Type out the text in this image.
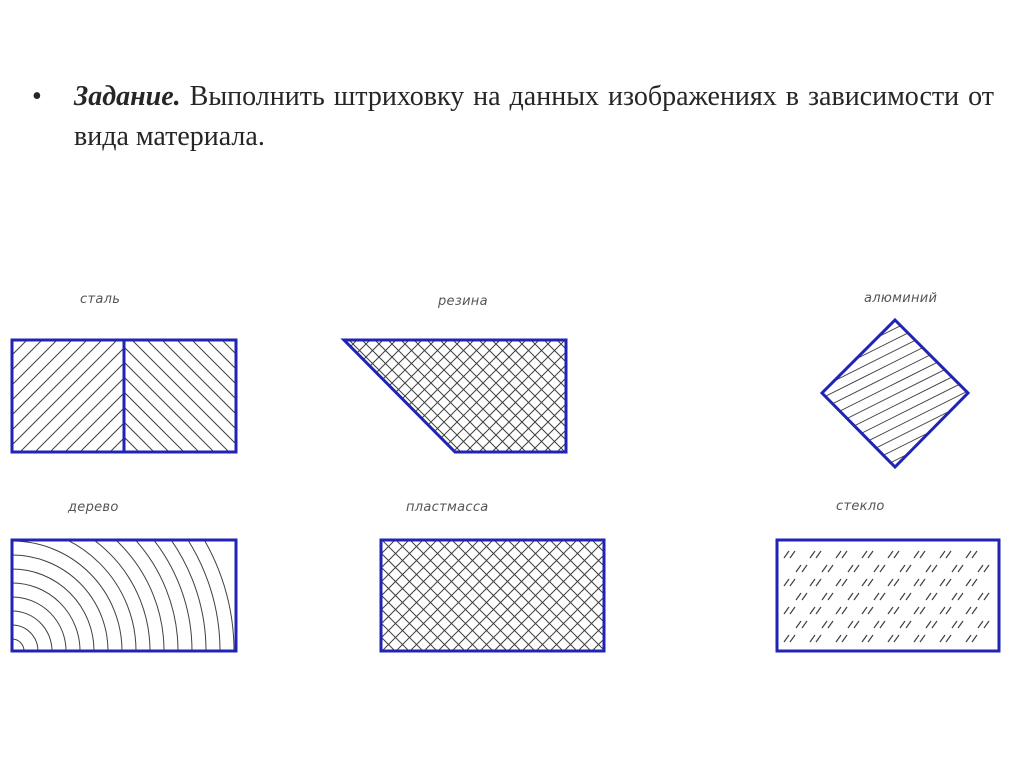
• Задание. Выполнить штриховку на данных изображениях в зависимости от вида материала.
сталь	резина	алюминий
дерево	пластмасса	стекло
